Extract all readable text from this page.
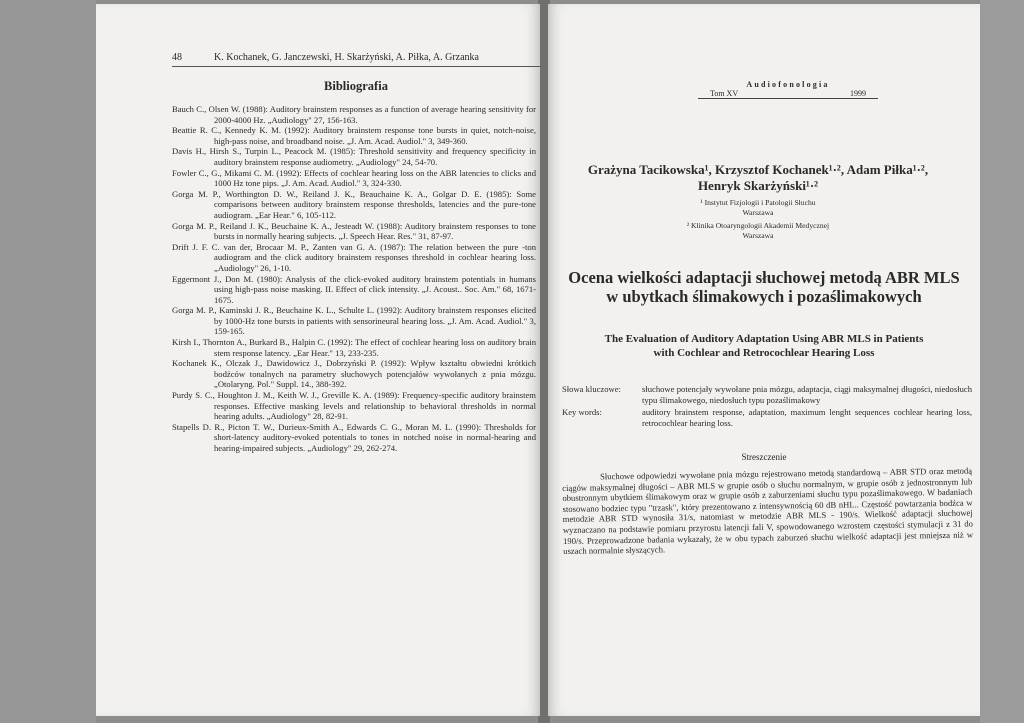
48	K. Kochanek, G. Janczewski, H. Skarżyński, A. Piłka, A. Grzanka
Bibliografia

Bauch C., Olsen W. (1988): Auditory brainstem responses as a function of average hearing sensitivity for 2000-4000 Hz. „Audiology" 27, 156-163.

Beattie R. C., Kennedy K. M. (1992): Auditory brainstem response tone bursts in quiet, notch-noise, high-pass noise, and broadband noise. „J. Am. Acad. Audiol." 3, 349-360.

Davis H., Hirsh S., Turpin L., Peacock M. (1985): Threshold sensitivity and frequency specificity in auditory brainstem response audiometry. „Audiology" 24, 54-70.

Fowler C., G., Mikami C. M. (1992): Effects of cochlear hearing loss on the ABR latencies to clicks and 1000 Hz tone pips. „J. Am. Acad. Audiol." 3, 324-330.

Gorga M. P., Worthington D. W., Reiland J. K., Beauchaine K. A., Golgar D. E. (1985): Some comparisons between auditory brainstem response thresholds, latencies and the pure-tone audiogram. „Ear Hear." 6, 105-112.

Gorga M. P., Reiland J. K., Beuchaine K. A., Jesteadt W. (1988): Auditory brainstem responses to tone bursts in normally hearing subjects. „J. Speech Hear. Res." 31, 87-97.

Drift J. F. C. van der, Brocaar M. P., Zanten van G. A. (1987): The relation between the pure -ton audiogram and the click auditory brainstem responses threshold in cochlear hearing loss. „Audiology" 26, 1-10.

Eggermont J., Don M. (1980): Analysis of the click-evoked auditory brainstem potentials in humans using high-pass noise masking. II. Effect of click intensity. „J. Acoust.. Soc. Am." 68, 1671-1675.

Gorga M. P., Kaminski J. R., Beuchaine K. L., Schulte L. (1992): Auditory brainstem responses elicited by 1000-Hz tone bursts in patients with sensorineural hearing loss. „J. Am. Acad. Audiol." 3, 159-165.

Kirsh I., Thornton A., Burkard B., Halpin C. (1992): The effect of cochlear hearing loss on auditory brain stem response latency. „Ear Hear." 13, 233-235.

Kochanek K., Olczak J., Dawidowicz J., Dobrzyński P. (1992): Wpływ kształtu obwiedni krótkich bodźców tonalnych na parametry słuchowych potencjałów wywołanych z pnia mózgu. „Otolaryng. Pol." Suppl. 14., 388-392.

Purdy S. C., Houghton J. M., Keith W. J., Greville K. A. (1989): Frequency-specific auditory brainstem responses. Effective masking levels and relationship to behavioral thresholds in normal hearing adults. „Audiology" 28, 82-91.

Stapells D. R., Picton T. W., Durieux-Smith A., Edwards C. G., Moran M. L. (1990): Thresholds for short-latency auditory-evoked potentials to tones in notched noise in normal-hearing and hearing-impaired subjects. „Audiology" 29, 262-274.

Audiofonologia
Tom XV	1999
Grażyna Tacikowska¹, Krzysztof Kochanek¹·², Adam Piłka¹·²,
Henryk Skarżyński¹·²
¹ Instytut Fizjologii i Patologii Słuchu
Warszawa
² Klinika Otoaryngologii Akademii Medycznej
Warszawa
Ocena wielkości adaptacji słuchowej metodą ABR MLS
w ubytkach ślimakowych i pozaślimakowych
The Evaluation of Auditory Adaptation Using ABR MLS in Patients
with Cochlear and Retrocochlear Hearing Loss
Słowa kluczowe:	słuchowe potencjały wywołane pnia mózgu, adaptacja, ciągi maksymalnej długości, niedosłuch typu ślimakowego, niedosłuch typu pozaślimakowy
Key words:	auditory brainstem response, adaptation, maximum lenght sequences cochlear hearing loss, retrocochlear hearing loss.
Streszczenie
Słuchowe odpowiedzi wywołane pnia mózgu rejestrowano metodą standardową – ABR STD oraz metodą ciągów maksymalnej długości – ABR MLS w grupie osób o słuchu normalnym, w grupie osób z jednostronnym lub obustronnym ubytkiem ślimakowym oraz w grupie osób z zaburzeniami słuchu typu pozaślimakowego. W badaniach stosowano bodziec typu "trzask", który prezentowano z intensywnością 60 dB nHL.. Częstość powtarzania bodźca w metodzie ABR STD wynosiła 31/s, natomiast w metodzie ABR MLS - 190/s. Wielkość adaptacji słuchowej wyznaczano na podstawie pomiaru przyrostu latencji fali V, spowodowanego wzrostem częstości stymulacji z 31 do 190/s. Przeprowadzone badania wykazały, że w obu typach zaburzeń słuchu wielkość adaptacji jest mniejsza niż w uszach normalnie słyszących.
